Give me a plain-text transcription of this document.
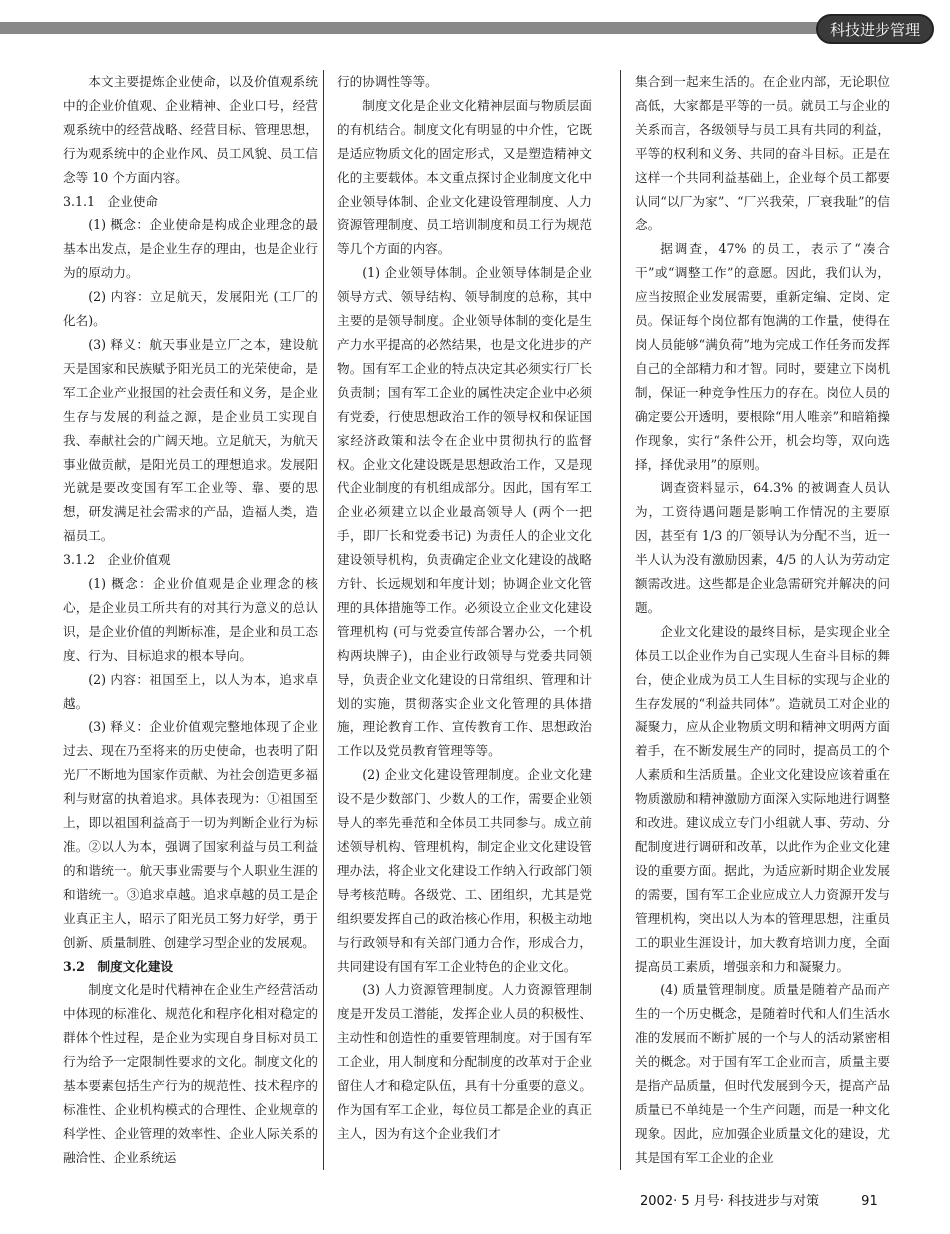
科技进步管理

本文主要提炼企业使命，以及价值观系统中的企业价值观、企业精神、企业口号，经营观系统中的经营战略、经营目标、管理思想，行为观系统中的企业作风、员工风貌、员工信念等 10 个方面内容。

3.1.1　企业使命

(1) 概念：企业使命是构成企业理念的最基本出发点，是企业生存的理由，也是企业行为的原动力。

(2) 内容：立足航天，发展阳光 (工厂的化名)。

(3) 释义：航天事业是立厂之本，建设航天是国家和民族赋予阳光员工的光荣使命，是军工企业产业报国的社会责任和义务，是企业生存与发展的利益之源，是企业员工实现自我、奉献社会的广阔天地。立足航天，为航天事业做贡献，是阳光员工的理想追求。发展阳光就是要改变国有军工企业等、靠、要的思想，研发满足社会需求的产品，造福人类，造福员工。

3.1.2　企业价值观

(1) 概念：企业价值观是企业理念的核心，是企业员工所共有的对其行为意义的总认识，是企业价值的判断标准，是企业和员工态度、行为、目标追求的根本导向。

(2) 内容：祖国至上，以人为本，追求卓越。

(3) 释义：企业价值观完整地体现了企业过去、现在乃至将来的历史使命，也表明了阳光厂不断地为国家作贡献、为社会创造更多福利与财富的执着追求。具体表现为：①祖国至上，即以祖国利益高于一切为判断企业行为标准。②以人为本，强调了国家利益与员工利益的和谐统一。航天事业需要与个人职业生涯的和谐统一。③追求卓越。追求卓越的员工是企业真正主人，昭示了阳光员工努力好学，勇于创新、质量制胜、创建学习型企业的发展观。

3.2　制度文化建设

制度文化是时代精神在企业生产经营活动中体现的标准化、规范化和程序化相对稳定的群体个性过程，是企业为实现自身目标对员工行为给予一定限制性要求的文化。制度文化的基本要素包括生产行为的规范性、技术程序的标准性、企业机构模式的合理性、企业规章的科学性、企业管理的效率性、企业人际关系的融洽性、企业系统运

行的协调性等等。

制度文化是企业文化精神层面与物质层面的有机结合。制度文化有明显的中介性，它既是适应物质文化的固定形式，又是塑造精神文化的主要载体。本文重点探讨企业制度文化中企业领导体制、企业文化建设管理制度、人力资源管理制度、员工培训制度和员工行为规范等几个方面的内容。

(1) 企业领导体制。企业领导体制是企业领导方式、领导结构、领导制度的总称，其中主要的是领导制度。企业领导体制的变化是生产力水平提高的必然结果，也是文化进步的产物。国有军工企业的特点决定其必须实行厂长负责制；国有军工企业的属性决定企业中必须有党委，行使思想政治工作的领导权和保证国家经济政策和法令在企业中贯彻执行的监督权。企业文化建设既是思想政治工作，又是现代企业制度的有机组成部分。因此，国有军工企业必须建立以企业最高领导人 (两个一把手，即厂长和党委书记) 为责任人的企业文化建设领导机构，负责确定企业文化建设的战略方针、长远规划和年度计划；协调企业文化管理的具体措施等工作。必须设立企业文化建设管理机构 (可与党委宣传部合署办公，一个机构两块牌子)，由企业行政领导与党委共同领导，负责企业文化建设的日常组织、管理和计划的实施，贯彻落实企业文化管理的具体措施，理论教育工作、宣传教育工作、思想政治工作以及党员教育管理等等。

(2) 企业文化建设管理制度。企业文化建设不是少数部门、少数人的工作，需要企业领导人的率先垂范和全体员工共同参与。成立前述领导机构、管理机构，制定企业文化建设管理办法，将企业文化建设工作纳入行政部门领导考核范畴。各级党、工、团组织，尤其是党组织要发挥自己的政治核心作用，积极主动地与行政领导和有关部门通力合作，形成合力，共同建设有国有军工企业特色的企业文化。

(3) 人力资源管理制度。人力资源管理制度是开发员工潜能，发挥企业人员的积极性、主动性和创造性的重要管理制度。对于国有军工企业，用人制度和分配制度的改革对于企业留住人才和稳定队伍，具有十分重要的意义。作为国有军工企业，每位员工都是企业的真正主人，因为有这个企业我们才

集合到一起来生活的。在企业内部，无论职位高低，大家都是平等的一员。就员工与企业的关系而言，各级领导与员工具有共同的利益，平等的权利和义务、共同的奋斗目标。正是在这样一个共同利益基础上，企业每个员工都要认同“以厂为家”、“厂兴我荣，厂衰我耻”的信念。

据调查，47% 的员工，表示了“凑合干”或“调整工作”的意愿。因此，我们认为，应当按照企业发展需要，重新定编、定岗、定员。保证每个岗位都有饱满的工作量，使得在岗人员能够“满负荷”地为完成工作任务而发挥自己的全部精力和才智。同时，要建立下岗机制，保证一种竞争性压力的存在。岗位人员的确定要公开透明，要根除“用人唯亲”和暗箱操作现象，实行“条件公开，机会均等，双向选择，择优录用”的原则。

调查资料显示，64.3% 的被调查人员认为，工资待遇问题是影响工作情况的主要原因，甚至有 1/3 的厂领导认为分配不当，近一半人认为没有激励因素，4/5 的人认为劳动定额需改进。这些都是企业急需研究并解决的问题。

企业文化建设的最终目标，是实现企业全体员工以企业作为自己实现人生奋斗目标的舞台，使企业成为员工人生目标的实现与企业的生存发展的“利益共同体”。造就员工对企业的凝聚力，应从企业物质文明和精神文明两方面着手，在不断发展生产的同时，提高员工的个人素质和生活质量。企业文化建设应该着重在物质激励和精神激励方面深入实际地进行调整和改进。建议成立专门小组就人事、劳动、分配制度进行调研和改革，以此作为企业文化建设的重要方面。据此，为适应新时期企业发展的需要，国有军工企业应成立人力资源开发与管理机构，突出以人为本的管理思想，注重员工的职业生涯设计，加大教育培训力度，全面提高员工素质，增强亲和力和凝聚力。

(4) 质量管理制度。质量是随着产品而产生的一个历史概念，是随着时代和人们生活水准的发展而不断扩展的一个与人的活动紧密相关的概念。对于国有军工企业而言，质量主要是指产品质量，但时代发展到今天，提高产品质量已不单纯是一个生产问题，而是一种文化现象。因此，应加强企业质量文化的建设，尤其是国有军工企业的企业

2002· 5 月号· 科技进步与对策	91
